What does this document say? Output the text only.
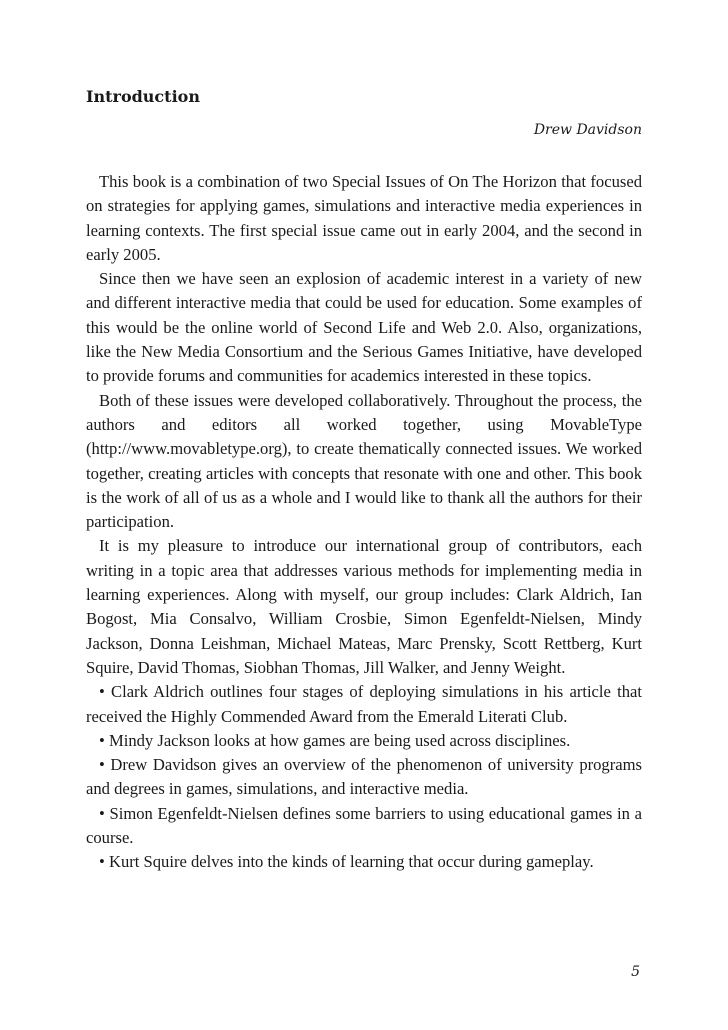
Introduction
Drew Davidson

This book is a combination of two Special Issues of On The Horizon that focused on strategies for applying games, simulations and interactive media experiences in learning contexts. The first special issue came out in early 2004, and the second in early 2005.

Since then we have seen an explosion of academic interest in a variety of new and different interactive media that could be used for education. Some examples of this would be the online world of Second Life and Web 2.0. Also, organizations, like the New Media Consortium and the Serious Games Initiative, have developed to provide forums and communities for academics interested in these topics.

Both of these issues were developed collaboratively. Throughout the process, the authors and editors all worked together, using MovableType (http://www.movabletype.org), to create thematically connected issues. We worked together, creating articles with concepts that resonate with one and other. This book is the work of all of us as a whole and I would like to thank all the authors for their participation.

It is my pleasure to introduce our international group of contributors, each writing in a topic area that addresses various methods for implementing media in learning experiences. Along with myself, our group includes: Clark Aldrich, Ian Bogost, Mia Consalvo, William Crosbie, Simon Egenfeldt-Nielsen, Mindy Jackson, Donna Leishman, Michael Mateas, Marc Prensky, Scott Rettberg, Kurt Squire, David Thomas, Siobhan Thomas, Jill Walker, and Jenny Weight.

• Clark Aldrich outlines four stages of deploying simulations in his article that received the Highly Commended Award from the Emerald Literati Club.

• Mindy Jackson looks at how games are being used across disciplines.

• Drew Davidson gives an overview of the phenomenon of university programs and degrees in games, simulations, and interactive media.

• Simon Egenfeldt-Nielsen defines some barriers to using educational games in a course.

• Kurt Squire delves into the kinds of learning that occur during gameplay.

5
